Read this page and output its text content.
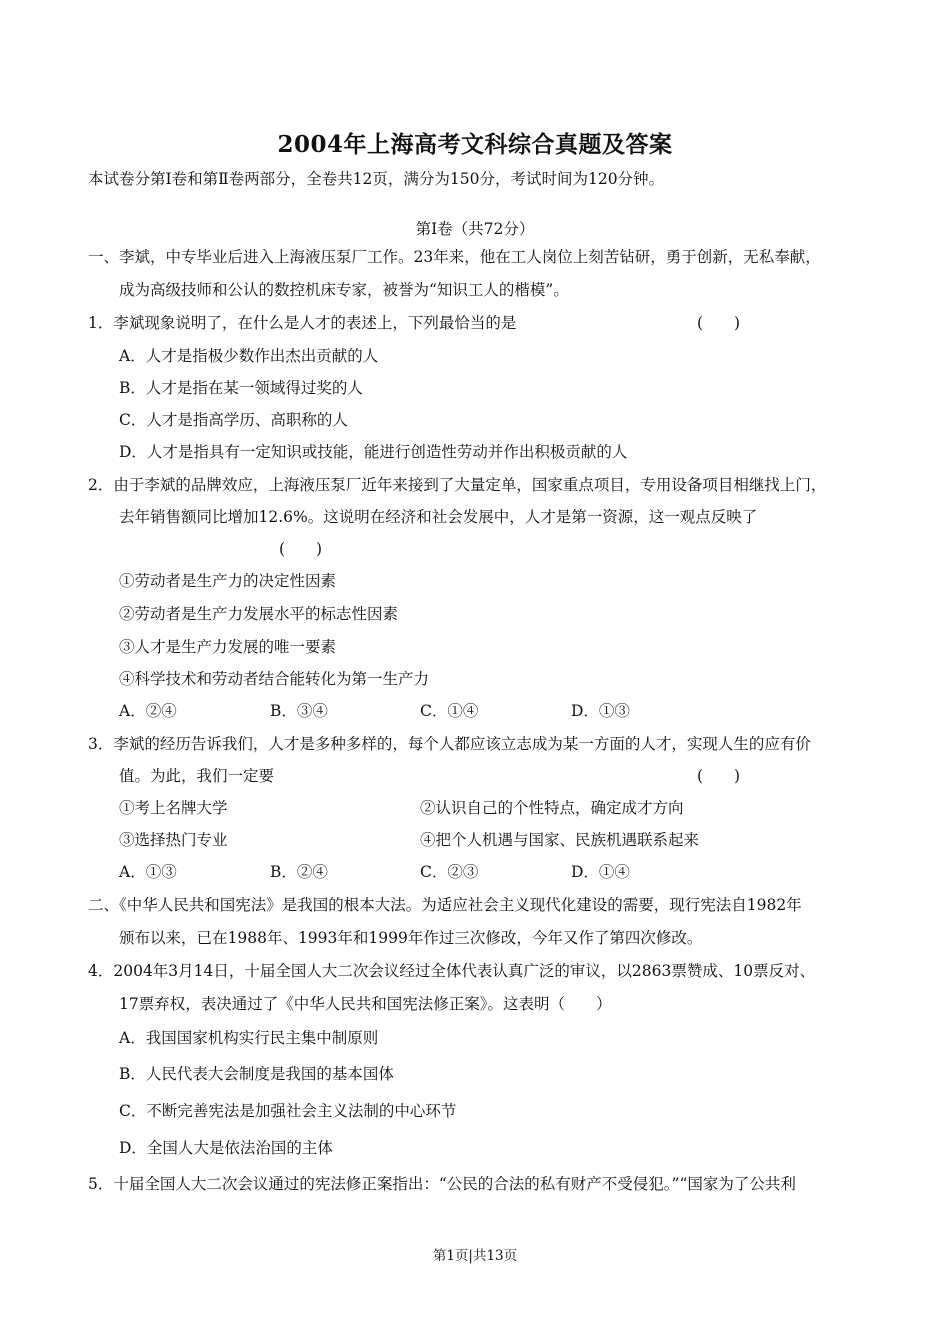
2004年上海高考文科综合真题及答案
本试卷分第Ⅰ卷和第Ⅱ卷两部分，全卷共12页，满分为150分，考试时间为120分钟。
第Ⅰ卷（共72分）
一、李斌，中专毕业后进入上海液压泵厂工作。23年来，他在工人岗位上刻苦钻研，勇于创新，无私奉献，
成为高级技师和公认的数控机床专家，被誉为“知识工人的楷模”。
1．李斌现象说明了，在什么是人才的表述上，下列最恰当的是	(　　)
A．人才是指极少数作出杰出贡献的人
B．人才是指在某一领域得过奖的人
C．人才是指高学历、高职称的人
D．人才是指具有一定知识或技能，能进行创造性劳动并作出积极贡献的人
2．由于李斌的品牌效应，上海液压泵厂近年来接到了大量定单，国家重点项目，专用设备项目相继找上门，
去年销售额同比增加12.6%。这说明在经济和社会发展中，人才是第一资源，这一观点反映了
(　　)
①劳动者是生产力的决定性因素
②劳动者是生产力发展水平的标志性因素
③人才是生产力发展的唯一要素
④科学技术和劳动者结合能转化为第一生产力
A．②④	B．③④	C．①④	D．①③
3．李斌的经历告诉我们，人才是多种多样的，每个人都应该立志成为某一方面的人才，实现人生的应有价
值。为此，我们一定要	(　　)
①考上名牌大学	②认识自己的个性特点，确定成才方向
③选择热门专业	④把个人机遇与国家、民族机遇联系起来
A．①③	B．②④	C．②③	D．①④
二、《中华人民共和国宪法》是我国的根本大法。为适应社会主义现代化建设的需要，现行宪法自1982年
颁布以来，已在1988年、1993年和1999年作过三次修改，今年又作了第四次修改。
4．2004年3月14日，十届全国人大二次会议经过全体代表认真广泛的审议，以2863票赞成、10票反对、
17票弃权，表决通过了《中华人民共和国宪法修正案》。这表明（　　）
A．我国国家机构实行民主集中制原则
B．人民代表大会制度是我国的基本国体
C．不断完善宪法是加强社会主义法制的中心环节
D．全国人大是依法治国的主体
5．十届全国人大二次会议通过的宪法修正案指出：“公民的合法的私有财产不受侵犯。”“国家为了公共利
第1页|共13页
